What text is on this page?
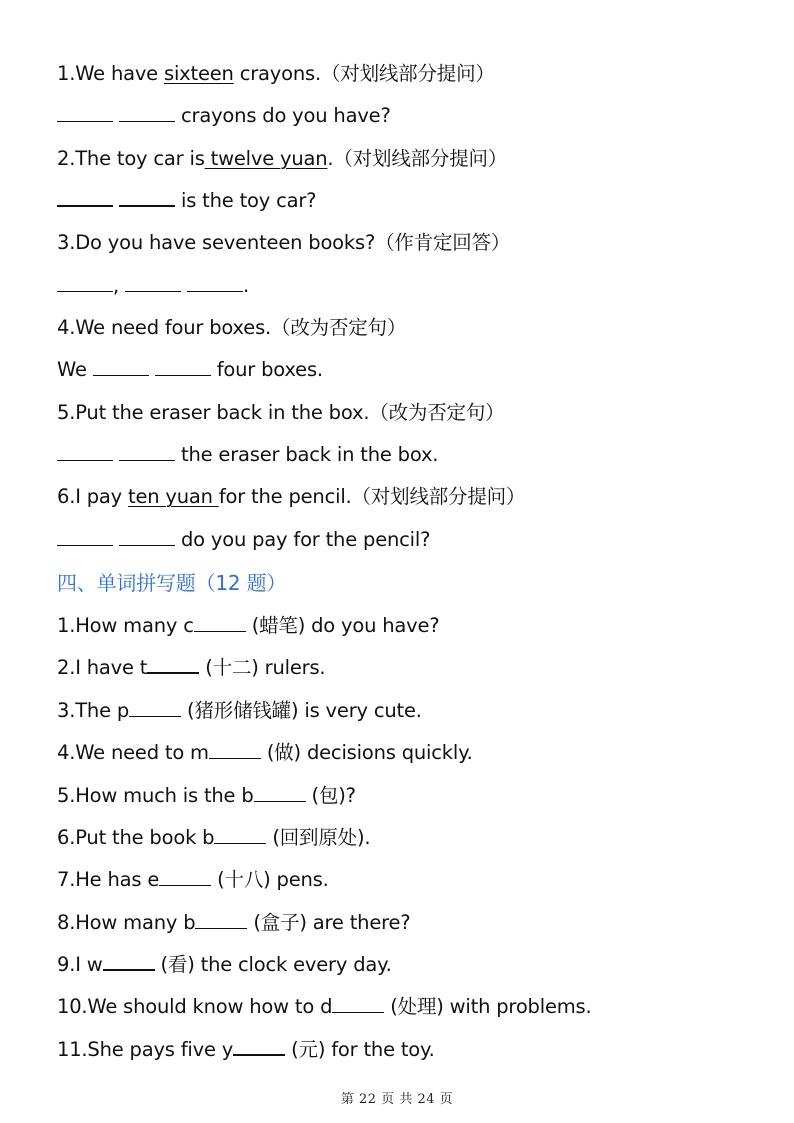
1.We have sixteen crayons.（对划线部分提问）
crayons do you have?
2.The toy car is twelve yuan.（对划线部分提问）
is the toy car?
3.Do you have seventeen books?（作肯定回答）
,	.
4.We need four boxes.（改为否定句）
We	four boxes.
5.Put the eraser back in the box.（改为否定句）
the eraser back in the box.
6.I pay ten yuan for the pencil.（对划线部分提问）
do you pay for the pencil?
四、单词拼写题（12 题）
1.How many c	(蜡笔) do you have?
2.I have t	(十二) rulers.
3.The p	(猪形储钱罐) is very cute.
4.We need to m	(做) decisions quickly.
5.How much is the b	(包)?
6.Put the book b	(回到原处).
7.He has e	(十八) pens.
8.How many b	(盒子) are there?
9.I w	(看) the clock every day.
10.We should know how to d	(处理) with problems.
11.She pays five y	(元) for the toy.
第 22 页 共 24 页
